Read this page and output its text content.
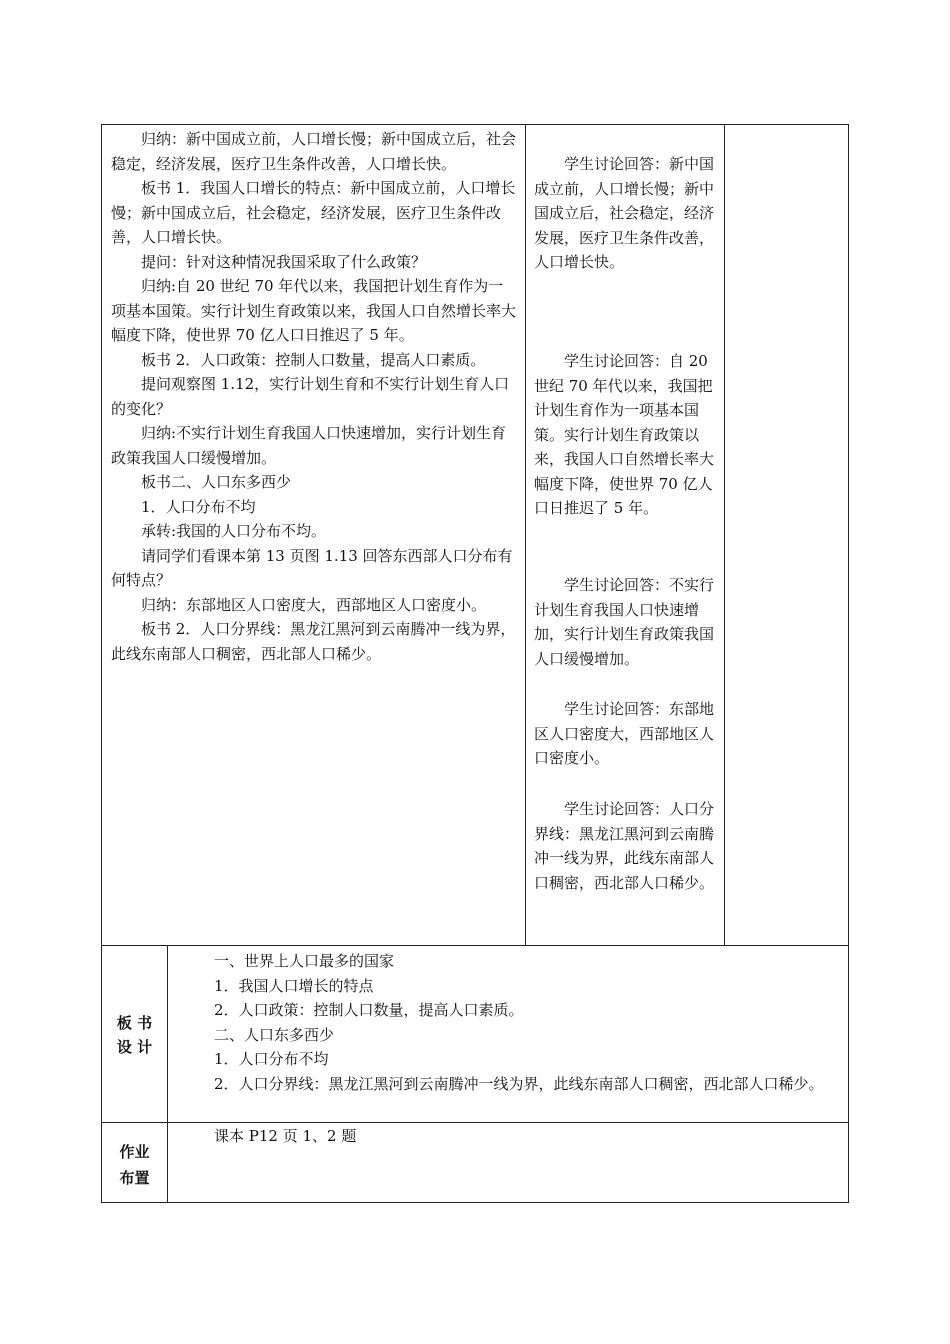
归纳：新中国成立前，人口增长慢；新中国成立后，社会稳定，经济发展，医疗卫生条件改善，人口增长快。

板书 1．我国人口增长的特点：新中国成立前，人口增长慢；新中国成立后，社会稳定，经济发展，医疗卫生条件改善，人口增长快。

提问：针对这种情况我国采取了什么政策？

归纳:自 20 世纪 70 年代以来，我国把计划生育作为一项基本国策。实行计划生育政策以来，我国人口自然增长率大幅度下降，使世界 70 亿人口日推迟了 5 年。

板书 2．人口政策：控制人口数量，提高人口素质。

提问观察图 1.12，实行计划生育和不实行计划生育人口的变化？

归纳:不实行计划生育我国人口快速增加，实行计划生育政策我国人口缓慢增加。

板书二、人口东多西少

1．人口分布不均

承转:我国的人口分布不均。

请同学们看课本第 13 页图 1.13 回答东西部人口分布有何特点？

归纳：东部地区人口密度大，西部地区人口密度小。

板书 2．人口分界线：黑龙江黑河到云南腾冲一线为界，此线东南部人口稠密，西北部人口稀少。

学生讨论回答：新中国成立前，人口增长慢；新中国成立后，社会稳定，经济发展，医疗卫生条件改善，人口增长快。

学生讨论回答：自 20 世纪 70 年代以来，我国把计划生育作为一项基本国策。实行计划生育政策以来，我国人口自然增长率大幅度下降，使世界 70 亿人口日推迟了 5 年。

学生讨论回答：不实行计划生育我国人口快速增加，实行计划生育政策我国人口缓慢增加。

学生讨论回答：东部地区人口密度大，西部地区人口密度小。

学生讨论回答：人口分界线：黑龙江黑河到云南腾冲一线为界，此线东南部人口稠密，西北部人口稀少。

板 书
设 计

一、世界上人口最多的国家

1．我国人口增长的特点

2．人口政策：控制人口数量，提高人口素质。

二、人口东多西少

1．人口分布不均

2．人口分界线：黑龙江黑河到云南腾冲一线为界，此线东南部人口稠密，西北部人口稀少。

作业
布置

课本 P12 页 1、2 题
